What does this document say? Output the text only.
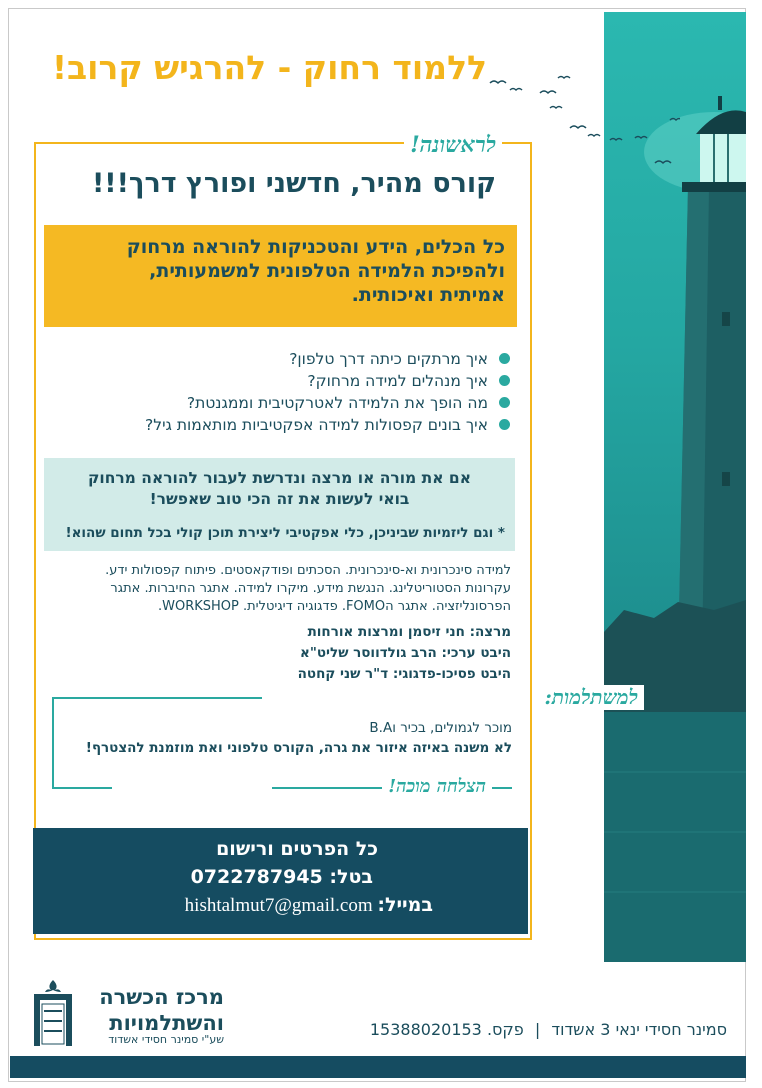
ללמוד רחוק - להרגיש קרוב!
לראשונה!
קורס מהיר, חדשני ופורץ דרך!!!
כל הכלים, הידע והטכניקות להוראה מרחוק
ולהפיכת הלמידה הטלפונית למשמעותית,
אמיתית ואיכותית.
איך מרתקים כיתה דרך טלפון?
איך מנהלים למידה מרחוק?
מה הופך את הלמידה לאטרקטיבית וממגנטת?
איך בונים קפסולות למידה אפקטיביות מותאמות גיל?
אם את מורה או מרצה ונדרשת לעבור להוראה מרחוק
בואי לעשות את זה הכי טוב שאפשר!
* וגם ליזמיות שביניכן, כלי אפקטיבי ליצירת תוכן קולי בכל תחום שהוא!
למידה סינכרונית וא-סינכרונית. הסכתים ופודקאסטים. פיתוח קפסולות ידע.
עקרונות הסטוריטלינג. הנגשת מידע. מיקרו למידה. אתגר החיברות. אתגר
הפרסונליזציה. אתגר הFOMO. פדגוגיה דיגיטלית. WORKSHOP.
מרצה: חני זיסמן ומרצות אורחות
היבט ערכי: הרב גולדווסר שליט"א
היבט פסיכו-פדגוגי: ד"ר שני קחטה
למשתלמות:
מוכר לגמולים, בכיר וB.A
לא משנה באיזה איזור את גרה, הקורס טלפוני ואת מוזמנת להצטרף!
הצלחה מוכה!
כל הפרטים ורישום
בטל: 0722787945
במייל: hishtalmut7@gmail.com
מרכז הכשרה
והשתלמויות
שע"י סמינר חסידי אשדוד
סמינר חסידי ינאי 3 אשדוד | פקס. 15388020153
